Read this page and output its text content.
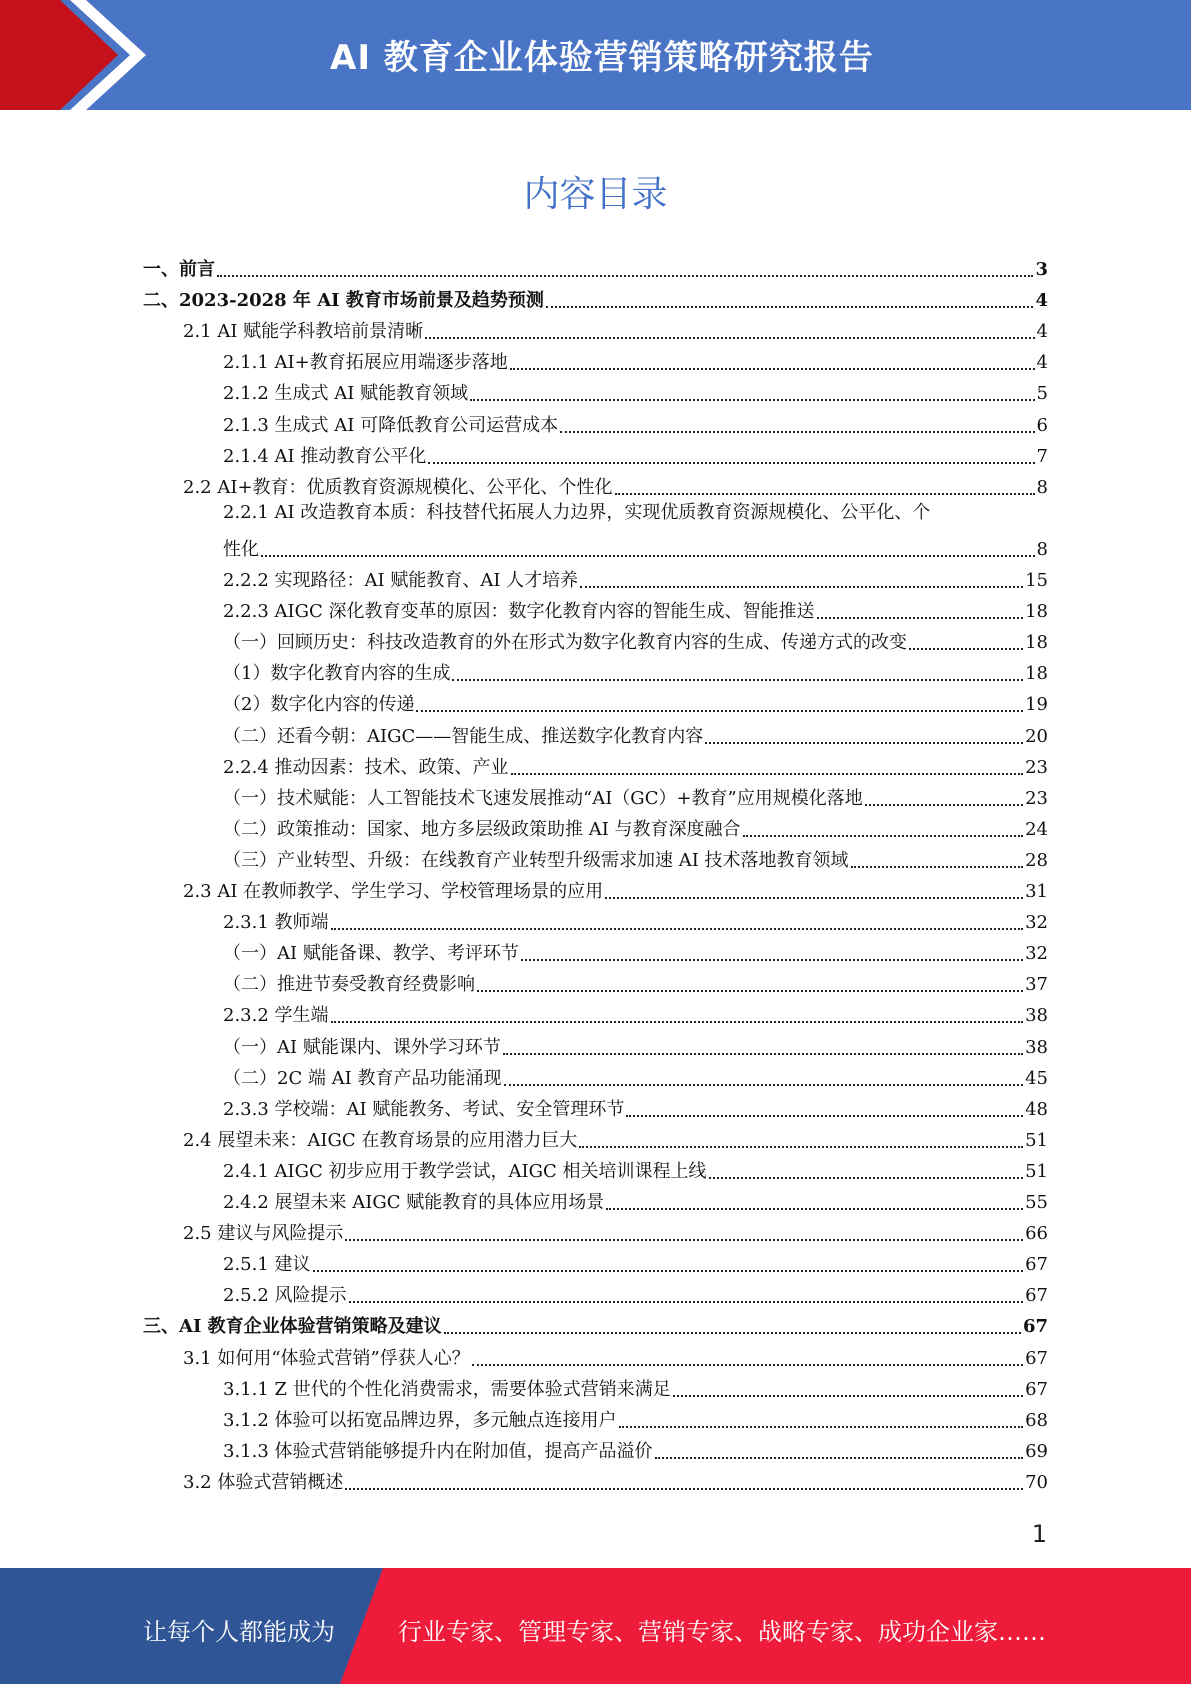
AI 教育企业体验营销策略研究报告
内容目录
一、前言	3
二、2023-2028 年 AI 教育市场前景及趋势预测	4
2.1 AI 赋能学科教培前景清晰	4
2.1.1 AI+教育拓展应用端逐步落地	4
2.1.2 生成式 AI 赋能教育领域	5
2.1.3 生成式 AI 可降低教育公司运营成本	6
2.1.4 AI 推动教育公平化	7
2.2 AI+教育：优质教育资源规模化、公平化、个性化	8
2.2.1 AI 改造教育本质：科技替代拓展人力边界，实现优质教育资源规模化、公平化、个
性化	8
2.2.2 实现路径：AI 赋能教育、AI 人才培养	15
2.2.3 AIGC 深化教育变革的原因：数字化教育内容的智能生成、智能推送	18
（一）回顾历史：科技改造教育的外在形式为数字化教育内容的生成、传递方式的改变	18
（1）数字化教育内容的生成	18
（2）数字化内容的传递	19
（二）还看今朝：AIGC——智能生成、推送数字化教育内容	20
2.2.4 推动因素：技术、政策、产业	23
（一）技术赋能：人工智能技术飞速发展推动“AI（GC）+教育”应用规模化落地	23
（二）政策推动：国家、地方多层级政策助推 AI 与教育深度融合	24
（三）产业转型、升级：在线教育产业转型升级需求加速 AI 技术落地教育领域	28
2.3 AI 在教师教学、学生学习、学校管理场景的应用	31
2.3.1 教师端	32
（一）AI 赋能备课、教学、考评环节	32
（二）推进节奏受教育经费影响	37
2.3.2 学生端	38
（一）AI 赋能课内、课外学习环节	38
（二）2C 端 AI 教育产品功能涌现	45
2.3.3 学校端：AI 赋能教务、考试、安全管理环节	48
2.4 展望未来：AIGC 在教育场景的应用潜力巨大	51
2.4.1 AIGC 初步应用于教学尝试，AIGC 相关培训课程上线	51
2.4.2 展望未来 AIGC 赋能教育的具体应用场景	55
2.5 建议与风险提示	66
2.5.1 建议	67
2.5.2 风险提示	67
三、AI 教育企业体验营销策略及建议	67
3.1 如何用“体验式营销”俘获人心？	67
3.1.1 Z 世代的个性化消费需求，需要体验式营销来满足	67
3.1.2 体验可以拓宽品牌边界，多元触点连接用户	68
3.1.3 体验式营销能够提升内在附加值，提高产品溢价	69
3.2 体验式营销概述	70
1
让每个人都能成为	行业专家、管理专家、营销专家、战略专家、成功企业家……
